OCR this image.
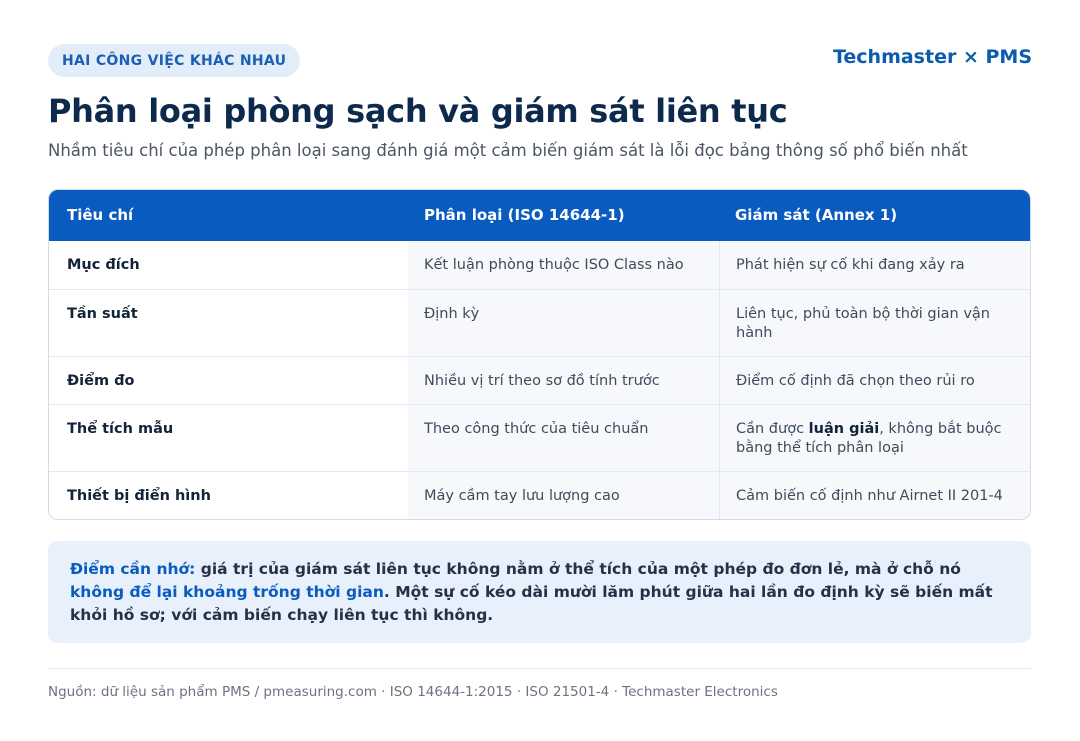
HAI CÔNG VIỆC KHÁC NHAU	Techmaster × PMS
Phân loại phòng sạch và giám sát liên tục
Nhầm tiêu chí của phép phân loại sang đánh giá một cảm biến giám sát là lỗi đọc bảng thông số phổ biến nhất
Tiêu chí	Phân loại (ISO 14644-1)	Giám sát (Annex 1)
Mục đích	Kết luận phòng thuộc ISO Class nào	Phát hiện sự cố khi đang xảy ra
Tần suất	Định kỳ	Liên tục, phủ toàn bộ thời gian vận hành
Điểm đo	Nhiều vị trí theo sơ đồ tính trước	Điểm cố định đã chọn theo rủi ro
Thể tích mẫu	Theo công thức của tiêu chuẩn	Cần được luận giải, không bắt buộc bằng thể tích phân loại
Thiết bị điển hình	Máy cầm tay lưu lượng cao	Cảm biến cố định như Airnet II 201-4
Điểm cần nhớ: giá trị của giám sát liên tục không nằm ở thể tích của một phép đo đơn lẻ, mà ở chỗ nó không để lại khoảng trống thời gian. Một sự cố kéo dài mười lăm phút giữa hai lần đo định kỳ sẽ biến mất khỏi hồ sơ; với cảm biến chạy liên tục thì không.
Nguồn: dữ liệu sản phẩm PMS / pmeasuring.com · ISO 14644-1:2015 · ISO 21501-4 · Techmaster Electronics
